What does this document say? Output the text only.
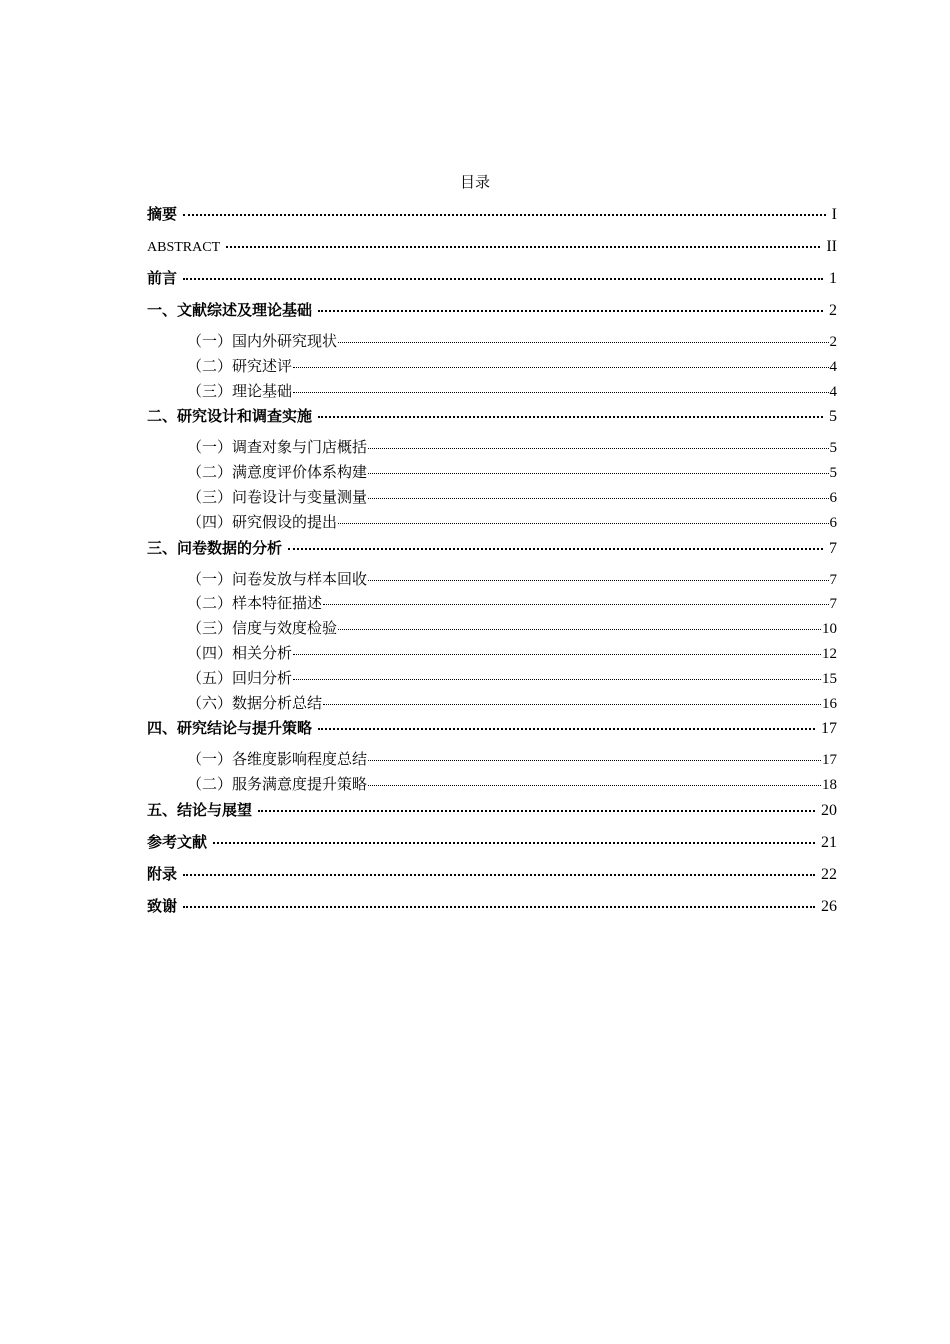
目录
摘要	I
ABSTRACT	II
前言	1
一、文献综述及理论基础	2
（一）国内外研究现状	2
（二）研究述评	4
（三）理论基础	4
二、研究设计和调查实施	5
（一）调查对象与门店概括	5
（二）满意度评价体系构建	5
（三）问卷设计与变量测量	6
（四）研究假设的提出	6
三、问卷数据的分析	7
（一）问卷发放与样本回收	7
（二）样本特征描述	7
（三）信度与效度检验	10
（四）相关分析	12
（五）回归分析	15
（六）数据分析总结	16
四、研究结论与提升策略	17
（一）各维度影响程度总结	17
（二）服务满意度提升策略	18
五、结论与展望	20
参考文献	21
附录	22
致谢	26
